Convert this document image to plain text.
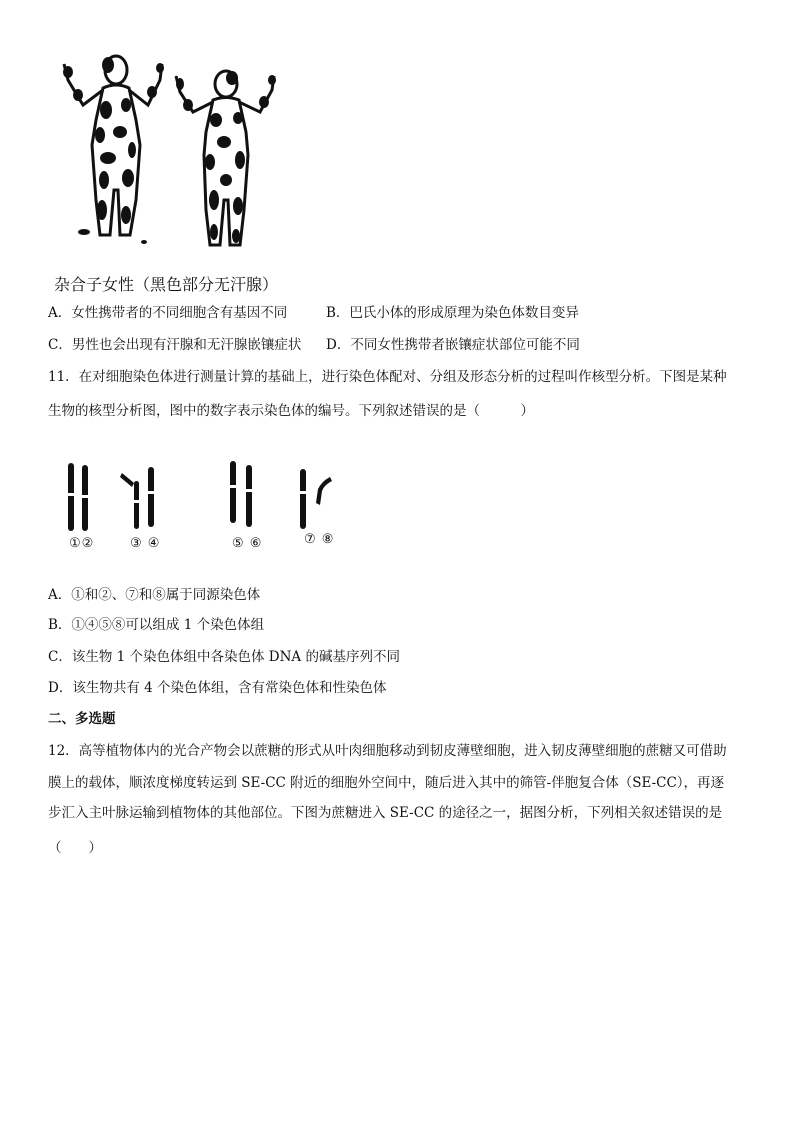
杂合子女性（黑色部分无汗腺）
A．女性携带者的不同细胞含有基因不同	B．巴氏小体的形成原理为染色体数目变异
C．男性也会出现有汗腺和无汗腺嵌镶症状 D．不同女性携带者嵌镶症状部位可能不同
11．在对细胞染色体进行测量计算的基础上，进行染色体配对、分组及形态分析的过程叫作核型分析。下图是某种
生物的核型分析图，图中的数字表示染色体的编号。下列叙述错误的是（　　　）
①②	③ ④	⑤ ⑥	⑦ ⑧
A．①和②、⑦和⑧属于同源染色体
B．①④⑤⑧可以组成 1 个染色体组
C．该生物 1 个染色体组中各染色体 DNA 的碱基序列不同
D．该生物共有 4 个染色体组，含有常染色体和性染色体
二、多选题
12．高等植物体内的光合产物会以蔗糖的形式从叶肉细胞移动到韧皮薄壁细胞，进入韧皮薄壁细胞的蔗糖又可借助
膜上的载体，顺浓度梯度转运到 SE-CC 附近的细胞外空间中，随后进入其中的筛管-伴胞复合体（SE-CC），再逐
步汇入主叶脉运输到植物体的其他部位。下图为蔗糖进入 SE-CC 的途径之一，据图分析，下列相关叙述错误的是
（　　）
